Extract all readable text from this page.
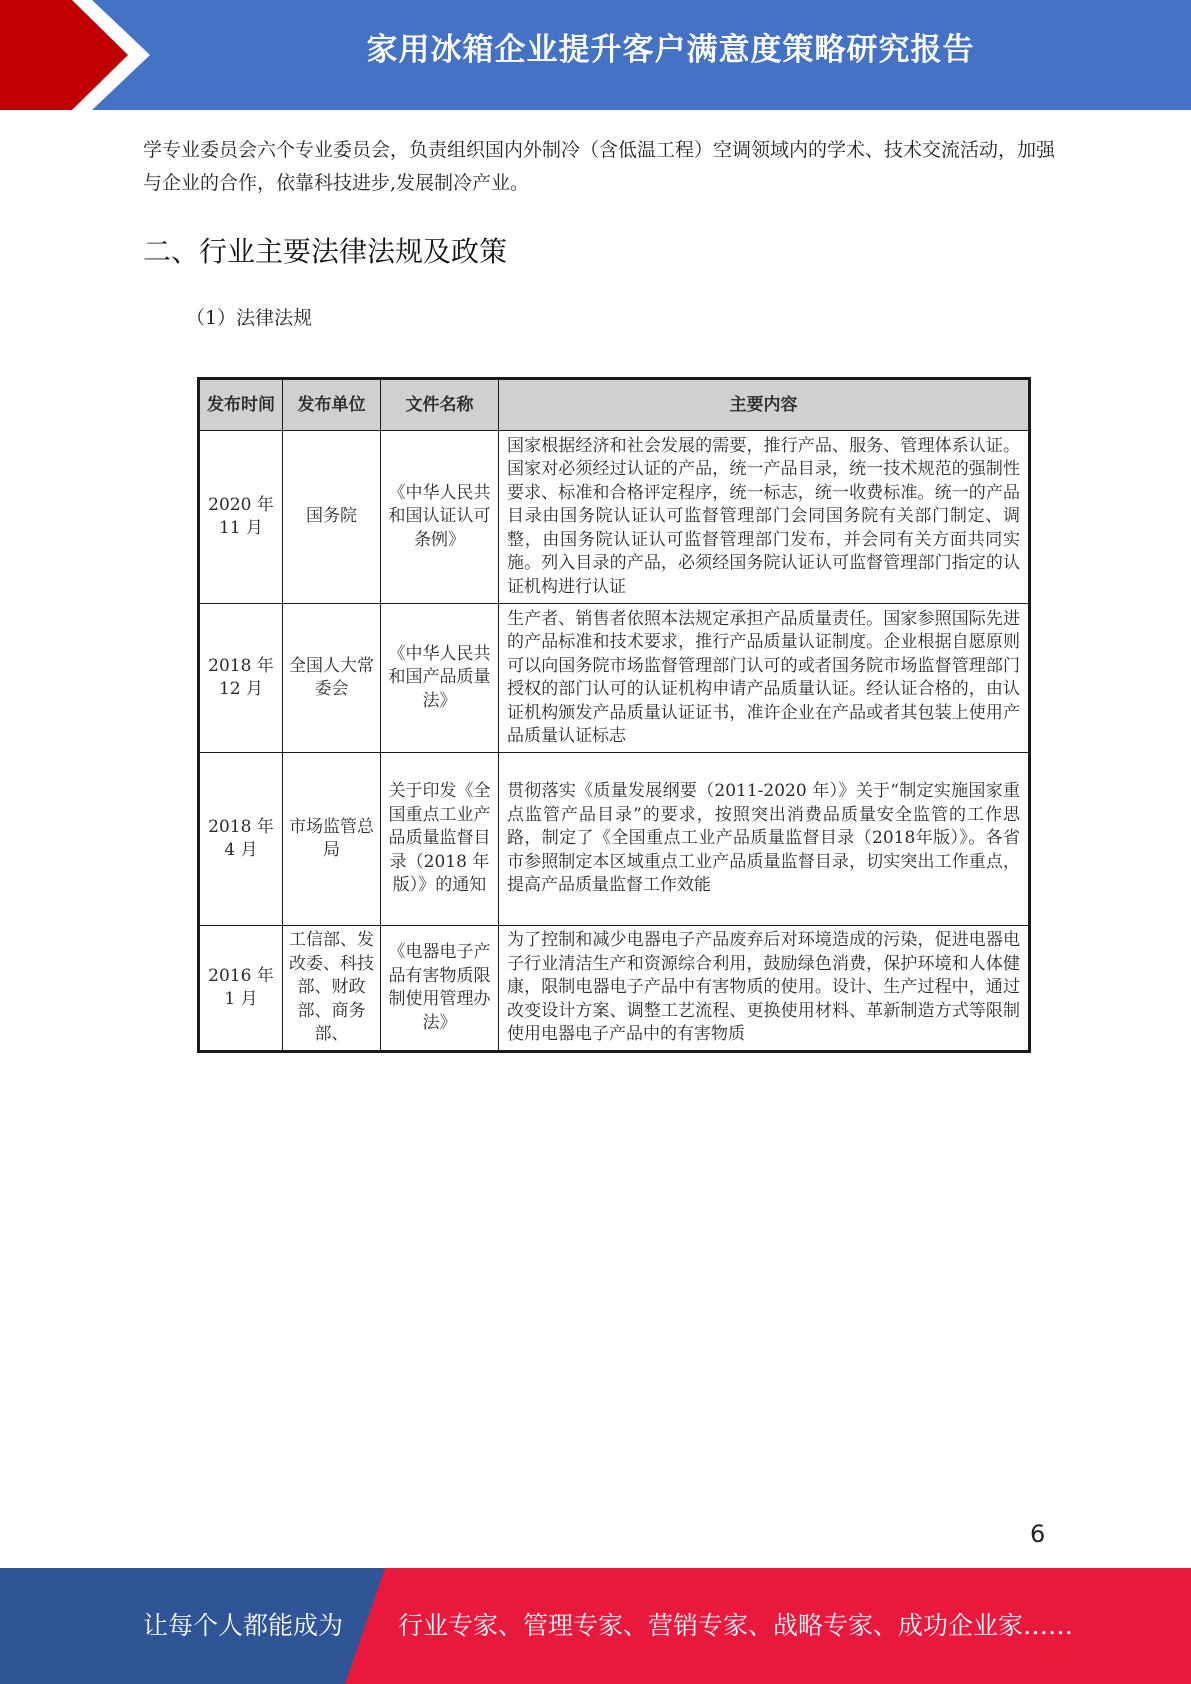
家用冰箱企业提升客户满意度策略研究报告

学专业委员会六个专业委员会，负责组织国内外制冷（含低温工程）空调领域内的学术、技术交流活动，加强与企业的合作，依靠科技进步,发展制冷产业。

二、行业主要法律法规及政策

（1）法律法规

发布时间	发布单位	文件名称	主要内容
2020 年11 月	国务院	《中华人民共和国认证认可条例》	国家根据经济和社会发展的需要，推行产品、服务、管理体系认证。国家对必须经过认证的产品，统一产品目录，统一技术规范的强制性要求、标准和合格评定程序，统一标志，统一收费标准。统一的产品目录由国务院认证认可监督管理部门会同国务院有关部门制定、调整，由国务院认证认可监督管理部门发布，并会同有关方面共同实施。列入目录的产品，必须经国务院认证认可监督管理部门指定的认证机构进行认证
2018 年12 月	全国人大常委会	《中华人民共和国产品质量法》	生产者、销售者依照本法规定承担产品质量责任。国家参照国际先进的产品标准和技术要求，推行产品质量认证制度。企业根据自愿原则可以向国务院市场监督管理部门认可的或者国务院市场监督管理部门授权的部门认可的认证机构申请产品质量认证。经认证合格的，由认证机构颁发产品质量认证证书，准许企业在产品或者其包装上使用产品质量认证标志
2018 年4 月	市场监管总局	关于印发《全国重点工业产品质量监督目录（2018 年版）》的通知	贯彻落实《质量发展纲要（2011-2020 年）》关于“制定实施国家重点监管产品目录”的要求，按照突出消费品质量安全监管的工作思路，制定了《全国重点工业产品质量监督目录（2018年版）》。各省市参照制定本区域重点工业产品质量监督目录，切实突出工作重点，提高产品质量监督工作效能
2016 年1 月	工信部、发改委、科技部、财政部、商务部、	《电器电子产品有害物质限制使用管理办法》	为了控制和减少电器电子产品废弃后对环境造成的污染，促进电器电子行业清洁生产和资源综合利用，鼓励绿色消费，保护环境和人体健康，限制电器电子产品中有害物质的使用。设计、生产过程中，通过改变设计方案、调整工艺流程、更换使用材料、革新制造方式等限制使用电器电子产品中的有害物质
6
让每个人都能成为 行业专家、管理专家、营销专家、战略专家、成功企业家……
